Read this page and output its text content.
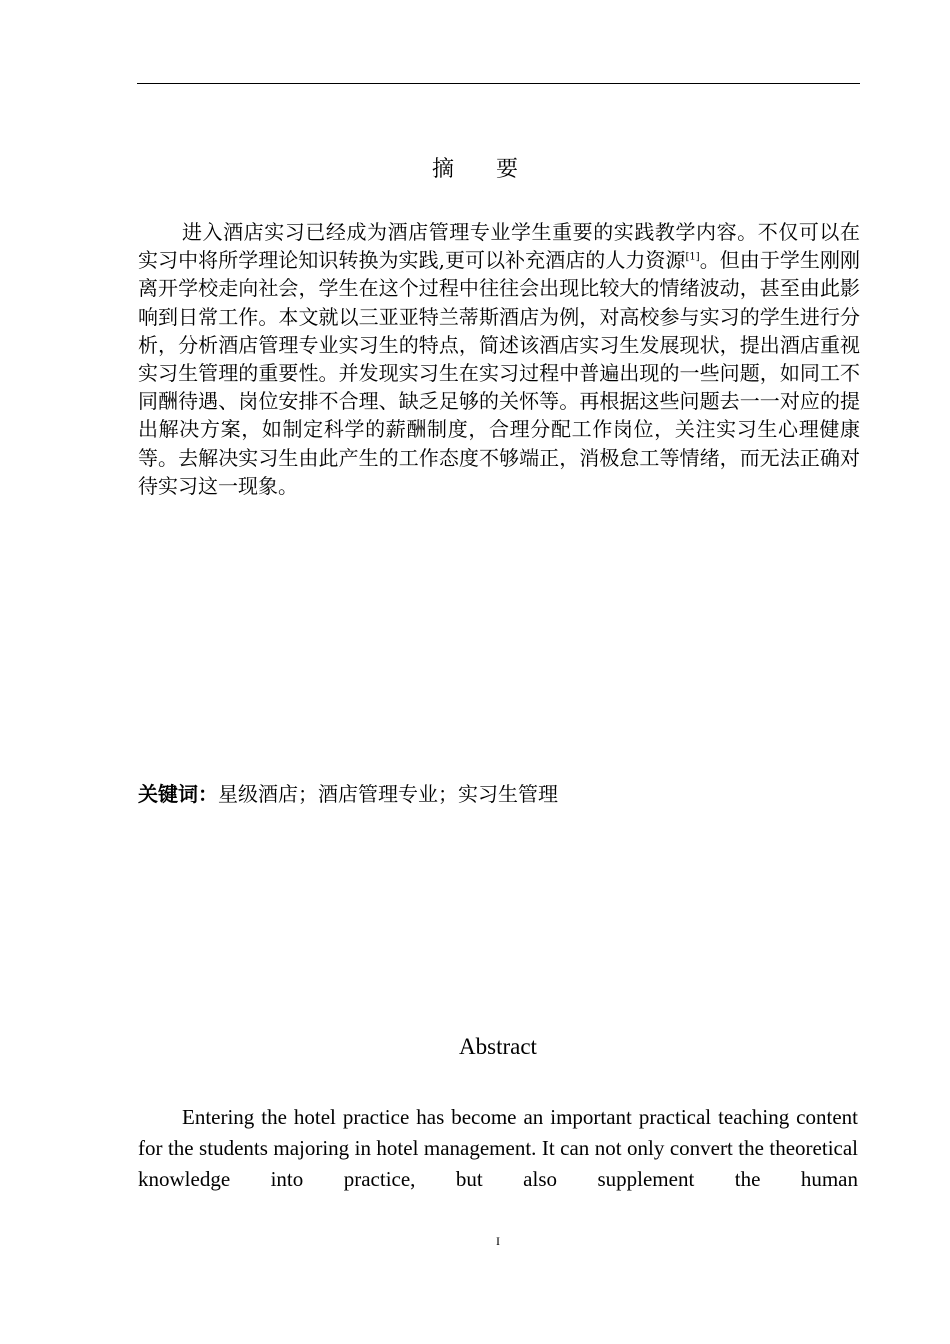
摘 要
进入酒店实习已经成为酒店管理专业学生重要的实践教学内容。不仅可以在实习中将所学理论知识转换为实践,更可以补充酒店的人力资源[1]。但由于学生刚刚离开学校走向社会，学生在这个过程中往往会出现比较大的情绪波动，甚至由此影响到日常工作。本文就以三亚亚特兰蒂斯酒店为例，对高校参与实习的学生进行分析，分析酒店管理专业实习生的特点，简述该酒店实习生发展现状，提出酒店重视实习生管理的重要性。并发现实习生在实习过程中普遍出现的一些问题，如同工不同酬待遇、岗位安排不合理、缺乏足够的关怀等。再根据这些问题去一一对应的提出解决方案，如制定科学的薪酬制度，合理分配工作岗位，关注实习生心理健康等。去解决实习生由此产生的工作态度不够端正，消极怠工等情绪，而无法正确对待实习这一现象。
关键词：星级酒店；酒店管理专业；实习生管理
Abstract
Entering the hotel practice has become an important practical teaching content for the students majoring in hotel management. It can not only convert the theoretical knowledge into practice, but also supplement the human
I
